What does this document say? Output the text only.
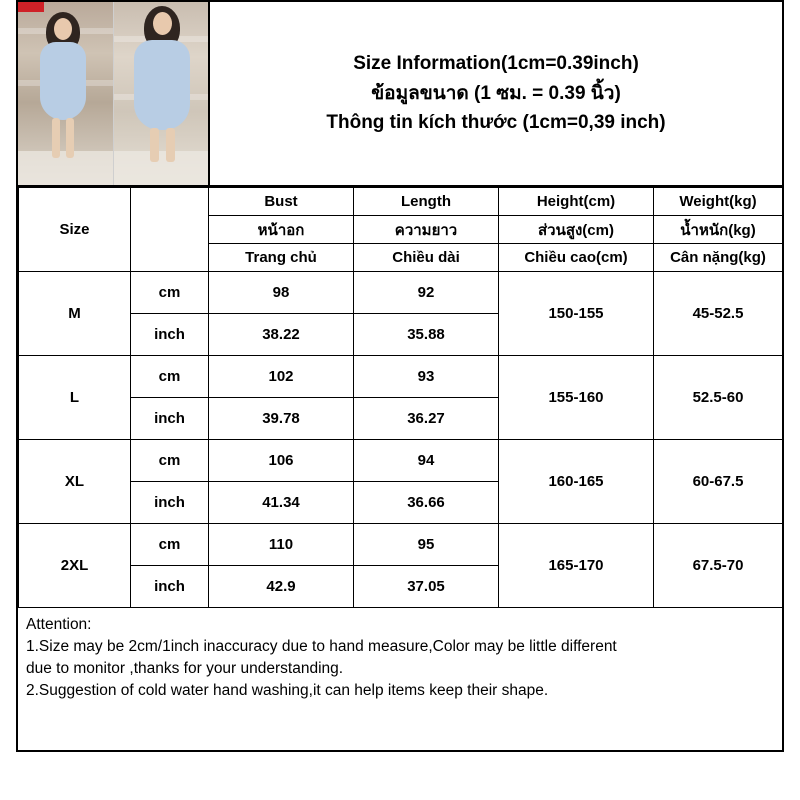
Size Information(1cm=0.39inch)
ข้อมูลขนาด (1 ซม. = 0.39 นิ้ว)
Thông tin kích thước (1cm=0,39 inch)
Size		Bust	Length	Height(cm)	Weight(kg)
		หน้าอก	ความยาว	ส่วนสูง(cm)	น้ำหนัก(kg)
		Trang chủ	Chiều dài	Chiều cao(cm)	Cân nặng(kg)
M	cm	98	92	150-155	45-52.5
	inch	38.22	35.88		
L	cm	102	93	155-160	52.5-60
	inch	39.78	36.27		
XL	cm	106	94	160-165	60-67.5
	inch	41.34	36.66		
2XL	cm	110	95	165-170	67.5-70
	inch	42.9	37.05		
Attention:
1.Size may be 2cm/1inch inaccuracy due to hand measure,Color may be little different
due to monitor ,thanks for your understanding.
2.Suggestion of cold water hand washing,it can help items keep their shape.
